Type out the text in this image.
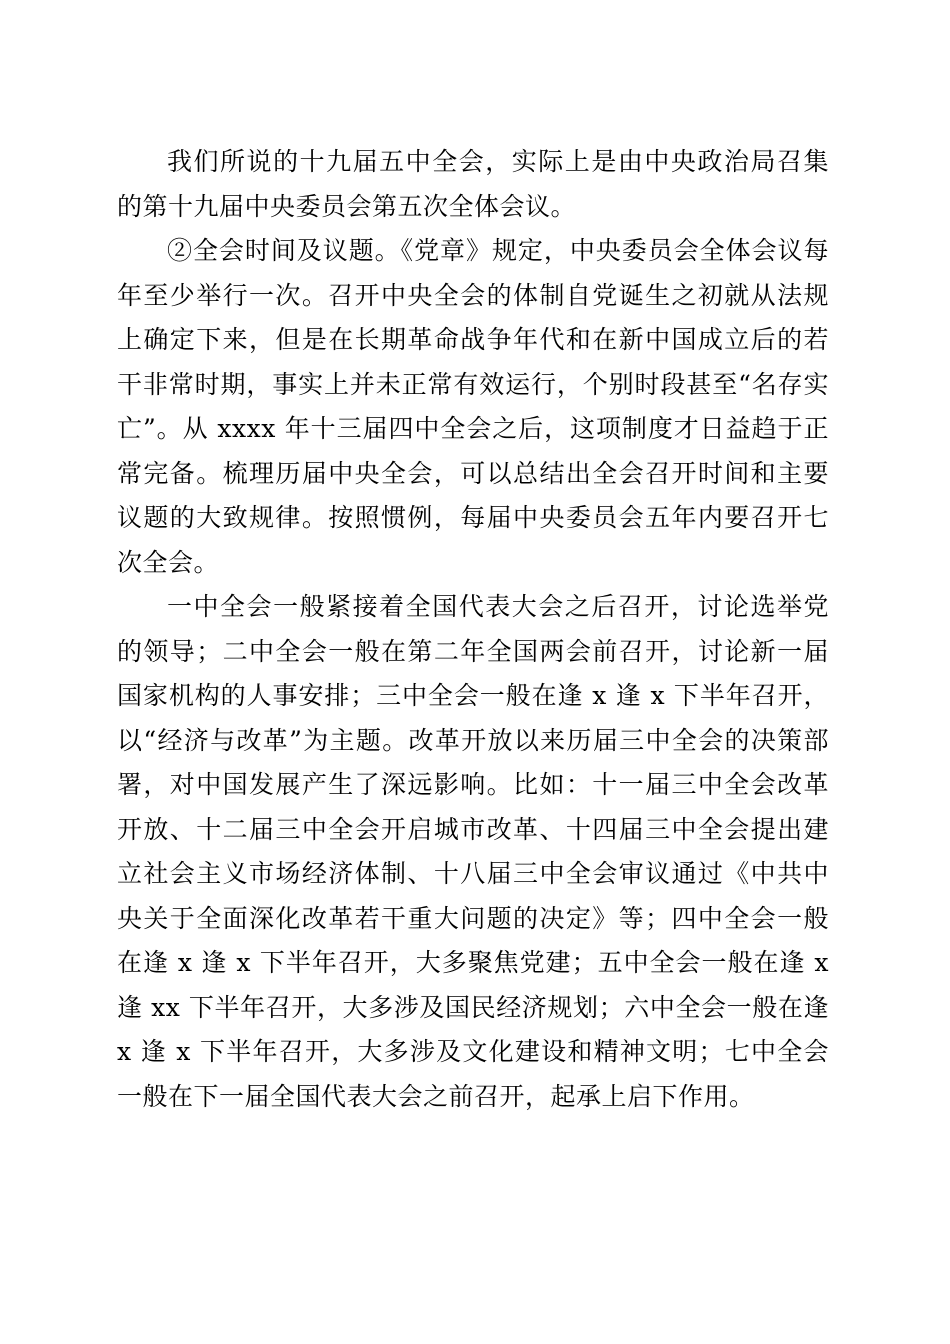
我们所说的十九届五中全会，实际上是由中央政治局召集的第十九届中央委员会第五次全体会议。

②全会时间及议题。《党章》规定，中央委员会全体会议每年至少举行一次。召开中央全会的体制自党诞生之初就从法规上确定下来，但是在长期革命战争年代和在新中国成立后的若干非常时期，事实上并未正常有效运行，个别时段甚至“名存实亡”。从 xxxx 年十三届四中全会之后，这项制度才日益趋于正常完备。梳理历届中央全会，可以总结出全会召开时间和主要议题的大致规律。按照惯例，每届中央委员会五年内要召开七次全会。

一中全会一般紧接着全国代表大会之后召开，讨论选举党的领导；二中全会一般在第二年全国两会前召开，讨论新一届国家机构的人事安排；三中全会一般在逢 x 逢 x 下半年召开，以“经济与改革”为主题。改革开放以来历届三中全会的决策部署，对中国发展产生了深远影响。比如：十一届三中全会改革开放、十二届三中全会开启城市改革、十四届三中全会提出建立社会主义市场经济体制、十八届三中全会审议通过《中共中央关于全面深化改革若干重大问题的决定》等；四中全会一般在逢 x 逢 x 下半年召开，大多聚焦党建；五中全会一般在逢 x 逢 xx 下半年召开，大多涉及国民经济规划；六中全会一般在逢 x 逢 x 下半年召开，大多涉及文化建设和精神文明；七中全会一般在下一届全国代表大会之前召开，起承上启下作用。
